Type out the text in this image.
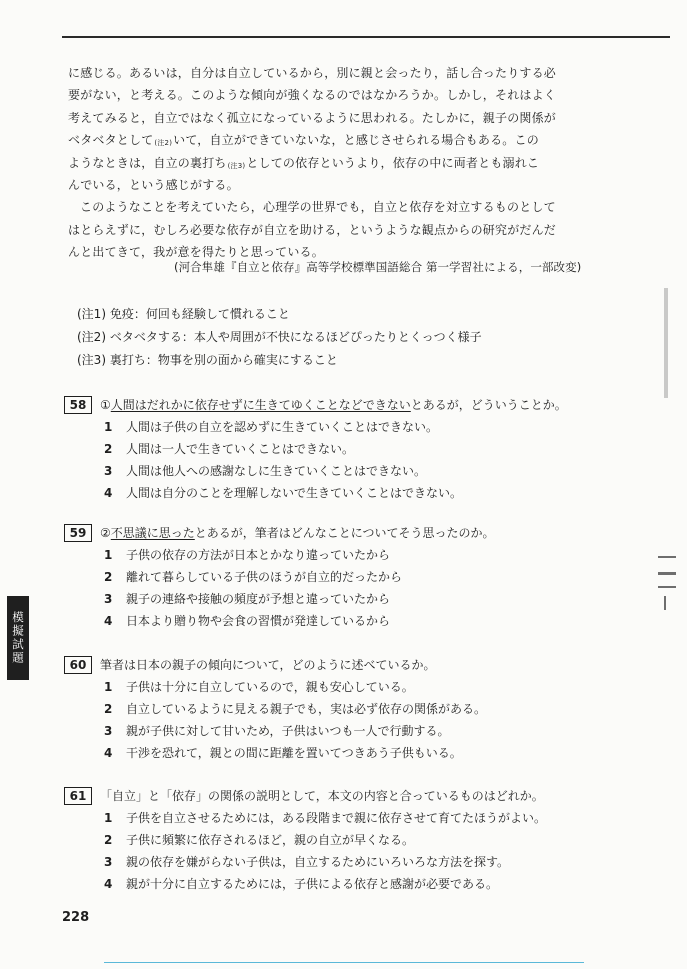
に感じる。あるいは，自分は自立しているから，別に親と会ったり，話し合ったりする必
要がない，と考える。このような傾向が強くなるのではなかろうか。しかし，それはよく
考えてみると，自立ではなく孤立になっているように思われる。たしかに，親子の関係が
ベタベタとして(注2)いて，自立ができていないな，と感じさせられる場合もある。この
ようなときは，自立の裏打ち(注3)としての依存というより，依存の中に両者とも溺れこ
んでいる，という感じがする。
このようなことを考えていたら，心理学の世界でも，自立と依存を対立するものとして
はとらえずに，むしろ必要な依存が自立を助ける，というような観点からの研究がだんだ
んと出てきて，我が意を得たりと思っている。
(河合隼雄『自立と依存』高等学校標準国語総合 第一学習社による，一部改変)
(注1) 免疫：何回も経験して慣れること
(注2) ベタベタする：本人や周囲が不快になるほどぴったりとくっつく様子
(注3) 裏打ち：物事を別の面から確実にすること
58	① 人間はだれかに依存せずに生きてゆくことなどできない とあるが，どういうことか。
1 人間は子供の自立を認めずに生きていくことはできない。
2 人間は一人で生きていくことはできない。
3 人間は他人への感謝なしに生きていくことはできない。
4 人間は自分のことを理解しないで生きていくことはできない。
59	② 不思議に思った とあるが，筆者はどんなことについてそう思ったのか。
1 子供の依存の方法が日本とかなり違っていたから
2 離れて暮らしている子供のほうが自立的だったから
3 親子の連絡や接触の頻度が予想と違っていたから
4 日本より贈り物や会食の習慣が発達しているから
60	筆者は日本の親子の傾向について，どのように述べているか。
1 子供は十分に自立しているので，親も安心している。
2 自立しているように見える親子でも，実は必ず依存の関係がある。
3 親が子供に対して甘いため，子供はいつも一人で行動する。
4 干渉を恐れて，親との間に距離を置いてつきあう子供もいる。
61	「自立」と「依存」の関係の説明として，本文の内容と合っているものはどれか。
1 子供を自立させるためには，ある段階まで親に依存させて育てたほうがよい。
2 子供に頻繁に依存されるほど，親の自立が早くなる。
3 親の依存を嫌がらない子供は，自立するためにいろいろな方法を探す。
4 親が十分に自立するためには，子供による依存と感謝が必要である。
模擬試題
228
